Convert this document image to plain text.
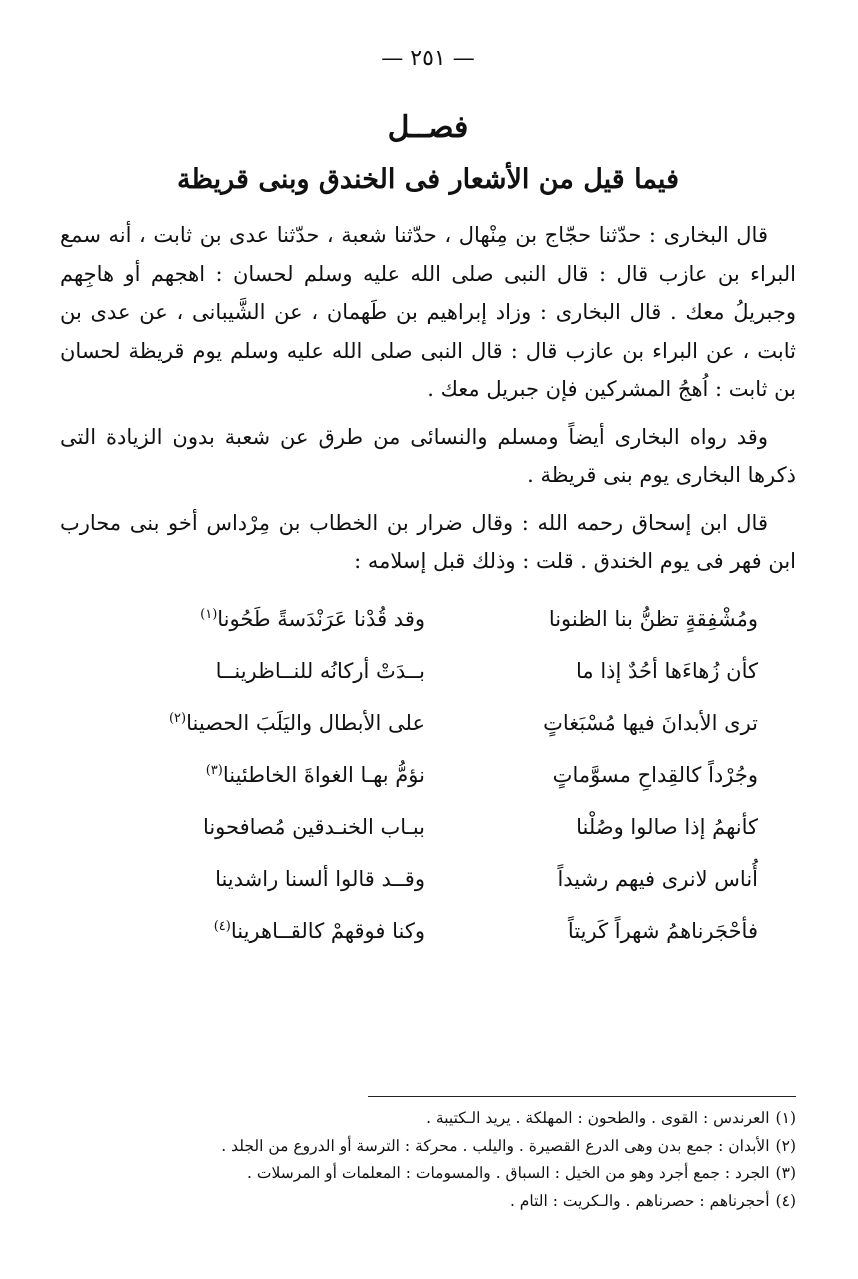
— ٢٥١ —
فصــل
فيما قيل من الأشعار فى الخندق وبنى قريظة

قال البخارى : حدّثنا حجّاج بن مِنْهال ، حدّثنا شعبة ، حدّثنا عدى بن ثابت ، أنه سمع البراء بن عازب قال : قال النبى صلى الله عليه وسلم لحسان : اهجهم أو هاجِهم وجبريلُ معك . قال البخارى : وزاد إبراهيم بن طَهمان ، عن الشَّيبانى ، عن عدى بن ثابت ، عن البراء بن عازب قال : قال النبى صلى الله عليه وسلم يوم قريظة لحسان بن ثابت : اُهجُ المشركين فإن جبريل معك .

وقد رواه البخارى أيضاً ومسلم والنسائى من طرق عن شعبة بدون الزيادة التى ذكرها البخارى يوم بنى قريظة .

قال ابن إسحاق رحمه الله : وقال ضرار بن الخطاب بن مِرْداس أخو بنى محارب ابن فهر فى يوم الخندق . قلت : وذلك قبل إسلامه :

ومُشْفِقةٍ تظنُّ بنا الظنونا
وقد قُدْنا عَرَنْدَسةً طَحُونا$^{(١)}$
كأن زُهاءَها أحُدٌ إذا ما
بــدَتْ أركانُه للنــاظرينــا
ترى الأبدانَ فيها مُسْبَغاتٍ
على الأبطال واليَلَبَ الحصينا$^{(٢)}$
وجُرْداً كالقِداحِ مسوَّماتٍ
نؤمُّ بهـا الغواةَ الخاطئينا$^{(٣)}$
كأنهمُ إذا صالوا وصُلْنا
ببـاب الخنـدقين مُصافحونا
أُناس لانرى فيهم رشيداً
وقــد قالوا ألسنا راشدينا
فأحْجَرناهمُ شهراً كَريتاً
وكنا فوقهمْ كالقــاهرينا$^{(٤)}$
(١)العرندس : القوى . والطحون : المهلكة . يريد الـكتيبة .
(٢)الأبدان : جمع بدن وهى الدرع القصيرة . واليلب . محركة : الترسة أو الدروع من الجلد .
(٣)الجرد : جمع أجرد وهو من الخيل : السباق . والمسومات : المعلمات أو المرسلات .
(٤)أحجرناهم : حصرناهم . والـكريت : التام .
